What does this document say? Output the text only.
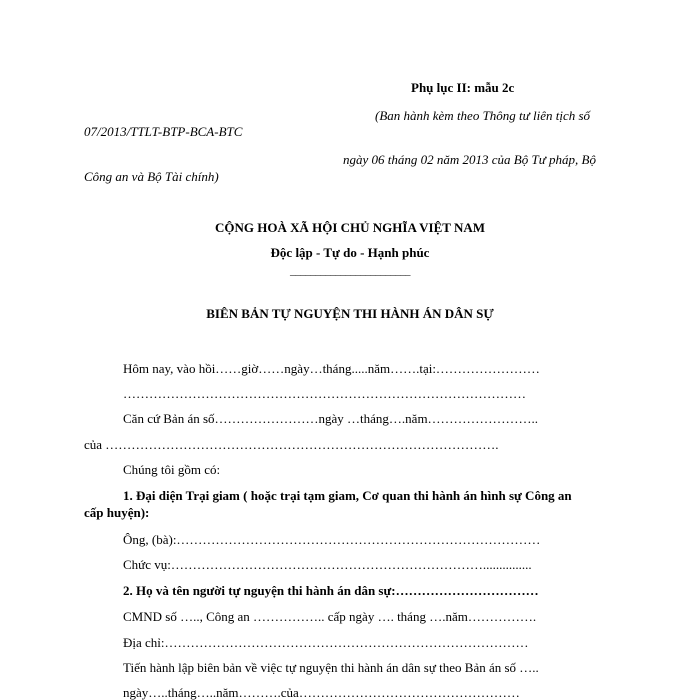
Phụ lục II: mẫu 2c
(Ban hành kèm theo Thông tư liên tịch số
07/2013/TTLT-BTP-BCA-BTC
ngày 06 tháng 02 năm 2013 của Bộ Tư pháp, Bộ
Công an và Bộ Tài chính)
CỘNG HOÀ XÃ HỘI CHỦ NGHĨA VIỆT NAM
Độc lập - Tự do - Hạnh phúc
________________________
BIÊN BẢN TỰ NGUYỆN THI HÀNH ÁN DÂN SỰ
Hôm nay, vào hồi……giờ……ngày…tháng.....năm…….tại:……………………
…………………………………………………………………………………
Căn cứ Bản án số……………………ngày …tháng….năm……………………..
của ……………………………………………………………………………….
Chúng tôi gồm có:
1. Đại diện Trại giam ( hoặc trại tạm giam, Cơ quan thi hành án hình sự Công an
cấp huyện):
Ông, (bà):…………………………………………………………………………
Chức vụ:………………………………………………………………...............
2. Họ và tên người tự nguyện thi hành án dân sự:……………………………
CMND số ….., Công an …………….. cấp ngày …. tháng ….năm…………….
Địa chỉ:…………………………………………………………………………
Tiến hành lập biên bản về việc tự nguyện thi hành án dân sự theo Bản án số …..
ngày…..tháng…..năm……….của……………………………………………
